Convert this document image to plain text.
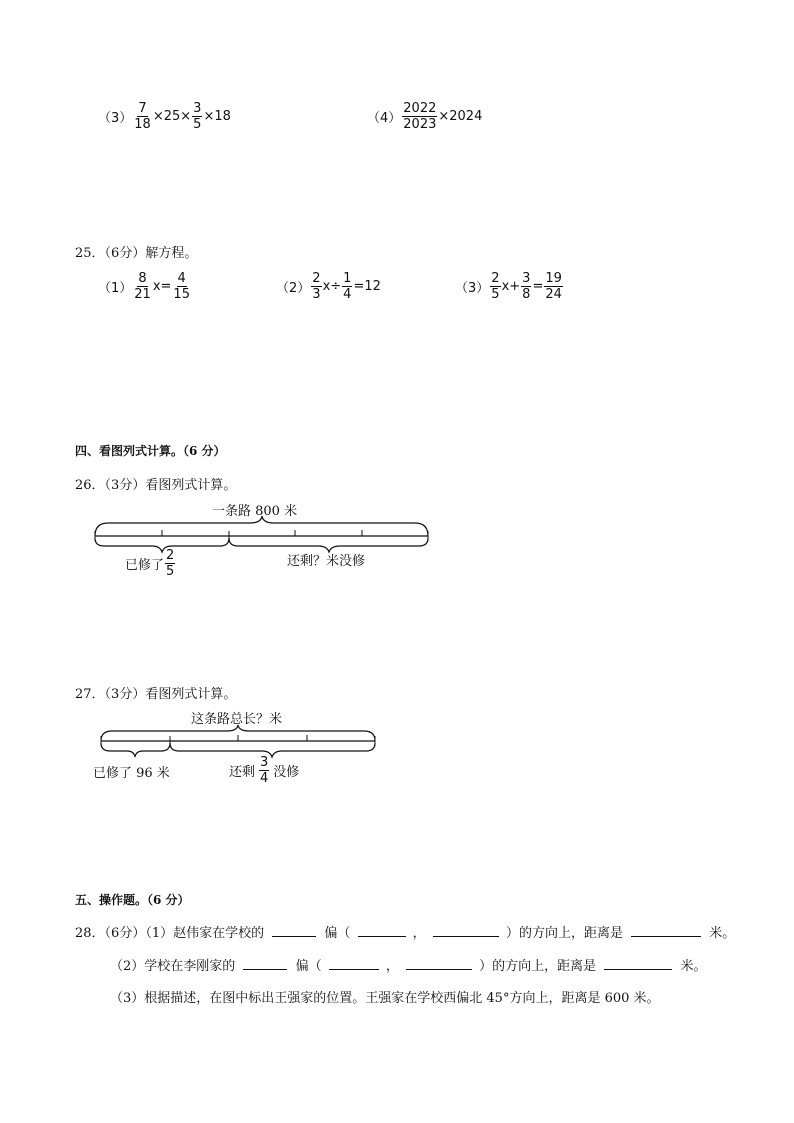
$(3) \frac{7}{18} \times 25\times \frac{3}{5} \times 18$	$(4) \frac{2022}{2023} \times 2024$
25．（6分）解方程。
$(1) \frac{8}{21} x= \frac{4}{15}$	$(2) \frac{2}{3} x\div \frac{1}{4} =12$	$(3) \frac{2}{5} x+ \frac{3}{8} = \frac{19}{24}$
四、看图列式计算。（6 分）
26．（3分）看图列式计算。
一条路 800 米
已修了 $\frac{2}{5}$	还剩？米没修
27．（3分）看图列式计算。
这条路总长？米
已修了 96 米	还剩 $\frac{3}{4}$ 没修
五、操作题。（6 分）
28．（6分）（1）赵伟家在学校的	偏（	，	）的方向上，距离是	米。
（2）学校在李刚家的	偏（	，	）的方向上，距离是	米。
（3）根据描述，在图中标出王强家的位置。王强家在学校西偏北 45°方向上，距离是 600 米。
